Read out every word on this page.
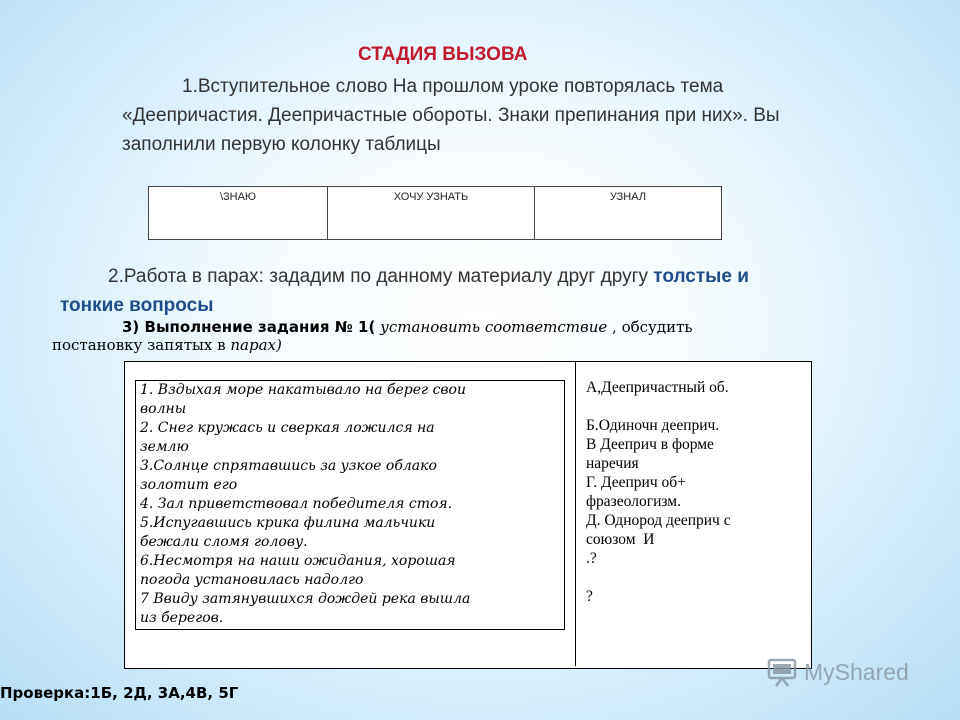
СТАДИЯ ВЫЗОВА
1.Вступительное слово На прошлом уроке повторялась тема
«Деепричастия. Деепричастные обороты. Знаки препинания при них». Вы
заполнили первую колонку таблицы
\ЗНАЮ	ХОЧУ УЗНАТЬ	УЗНАЛ
2.Работа в парах: зададим по данному материалу друг другу толстые и
тонкие вопросы
3) Выполнение задания № 1( установить соответствие , обсудить
постановку запятых в парах)
1. Вздыхая море накатывало на берег свои
волны
2. Снег кружась и сверкая ложился на
землю
3.Солнце спрятавшись за узкое облако
золотит его
4. Зал приветствовал победителя стоя.
5.Испугавшись крика филина мальчики
бежали сломя голову.
6.Несмотря на наши ожидания, хорошая
погода установилась надолго
7 Ввиду затянувшихся дождей река вышла
из берегов.
А,Деепричастный об.
Б.Одиночн дееприч.
В Дееприч в форме
наречия
Г. Дееприч об+
фразеологизм.
Д. Однород дееприч с
союзом  И
.?
?
Проверка:1Б, 2Д, 3А,4В, 5Г
MyShared
